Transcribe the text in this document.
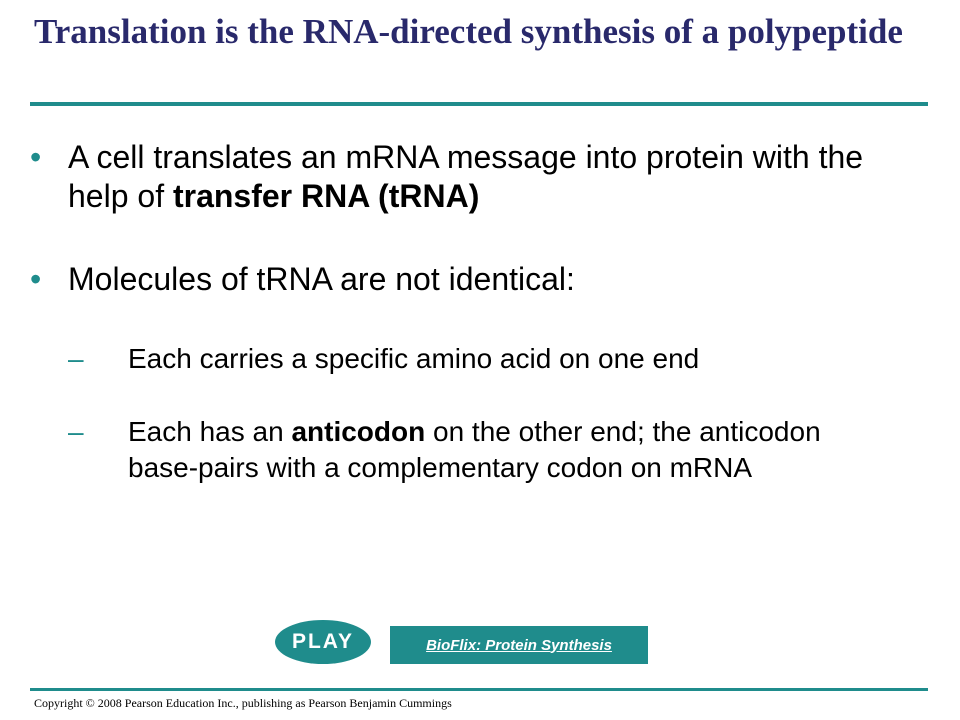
Translation is the RNA-directed synthesis of a polypeptide
• A cell translates an mRNA message into protein with the help of transfer RNA (tRNA)
• Molecules of tRNA are not identical:
– Each carries a specific amino acid on one end
– Each has an anticodon on the other end; the anticodon base-pairs with a complementary codon on mRNA
PLAY	BioFlix: Protein Synthesis
Copyright © 2008 Pearson Education Inc., publishing as Pearson Benjamin Cummings
